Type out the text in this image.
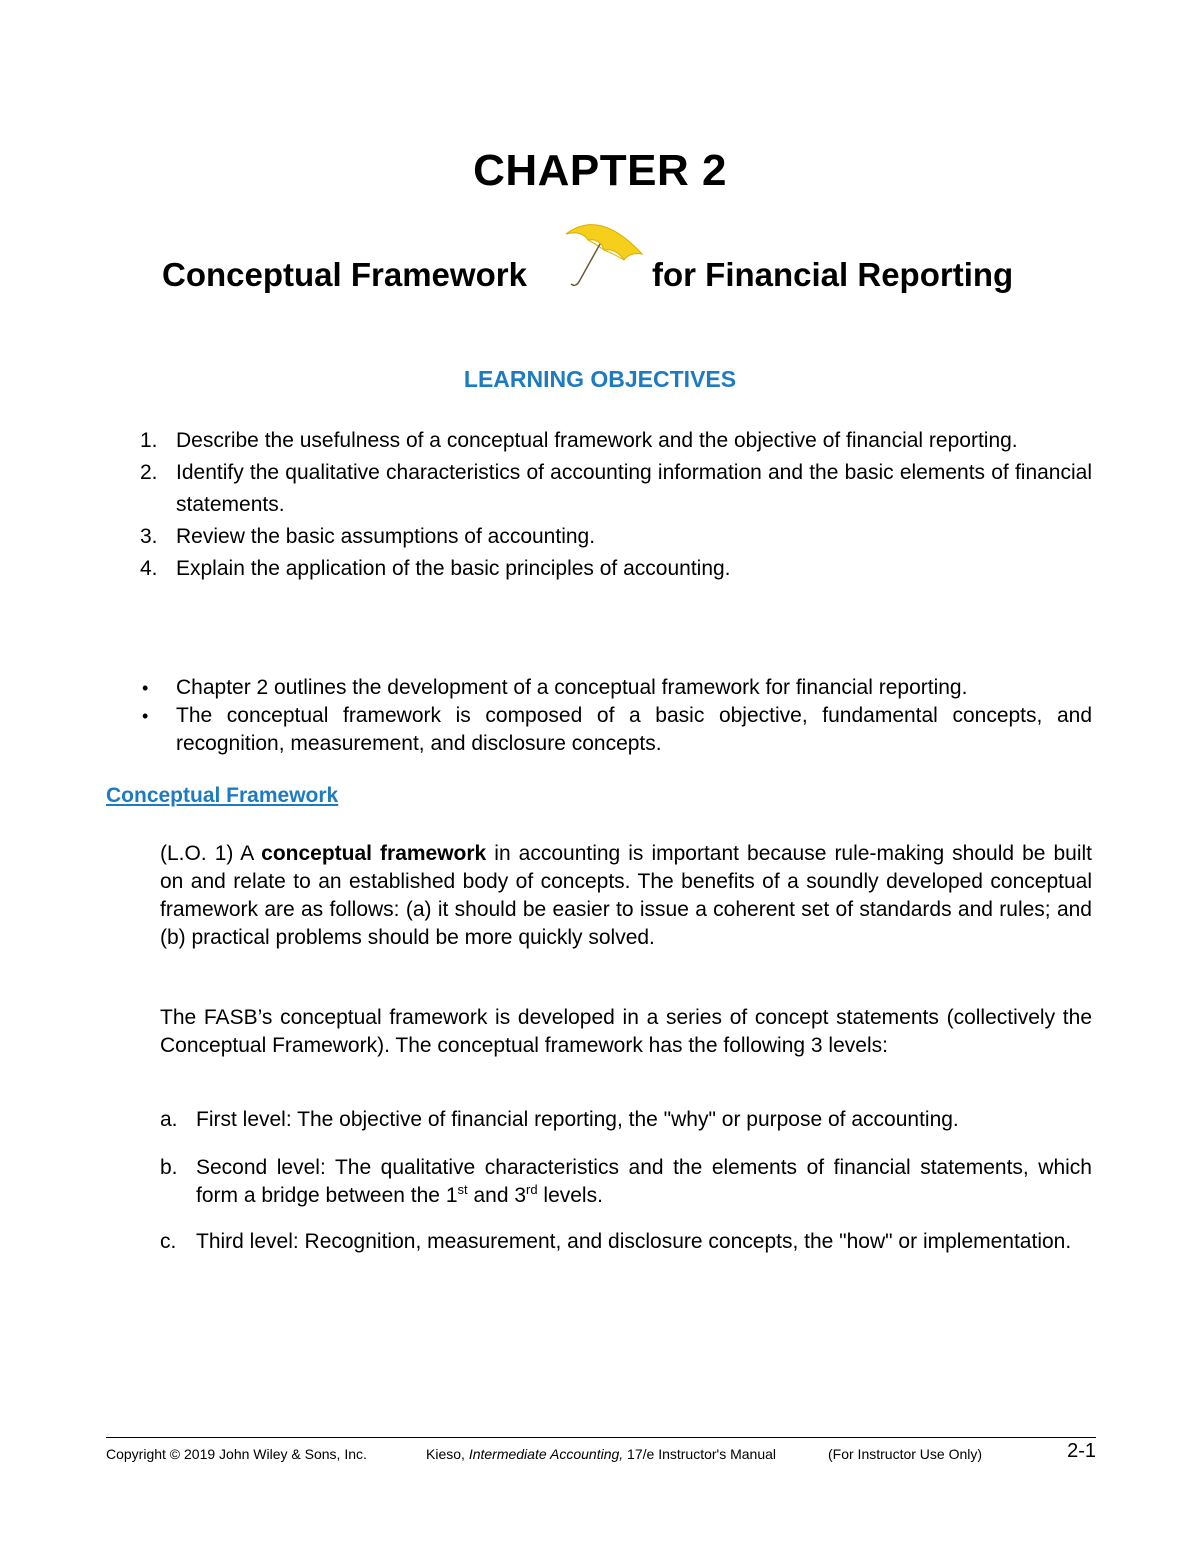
CHAPTER 2
Conceptual Framework	for Financial Reporting
LEARNING OBJECTIVES
1. Describe the usefulness of a conceptual framework and the objective of financial reporting.
2. Identify the qualitative characteristics of accounting information and the basic elements of financial statements.
3. Review the basic assumptions of accounting.
4. Explain the application of the basic principles of accounting.
• Chapter 2 outlines the development of a conceptual framework for financial reporting.
• The conceptual framework is composed of a basic objective, fundamental concepts, and recognition, measurement, and disclosure concepts.
Conceptual Framework
(L.O. 1) A conceptual framework in accounting is important because rule-making should be built on and relate to an established body of concepts. The benefits of a soundly developed conceptual framework are as follows: (a) it should be easier to issue a coherent set of standards and rules; and (b) practical problems should be more quickly solved.
The FASB’s conceptual framework is developed in a series of concept statements (collectively the Conceptual Framework). The conceptual framework has the following 3 levels:
a. First level: The objective of financial reporting, the "why" or purpose of accounting.
b. Second level: The qualitative characteristics and the elements of financial statements, which form a bridge between the 1st and 3rd levels.
c. Third level: Recognition, measurement, and disclosure concepts, the "how" or implementation.
Copyright © 2019 John Wiley & Sons, Inc.	Kieso, Intermediate Accounting, 17/e Instructor's Manual	(For Instructor Use Only)	2-1
